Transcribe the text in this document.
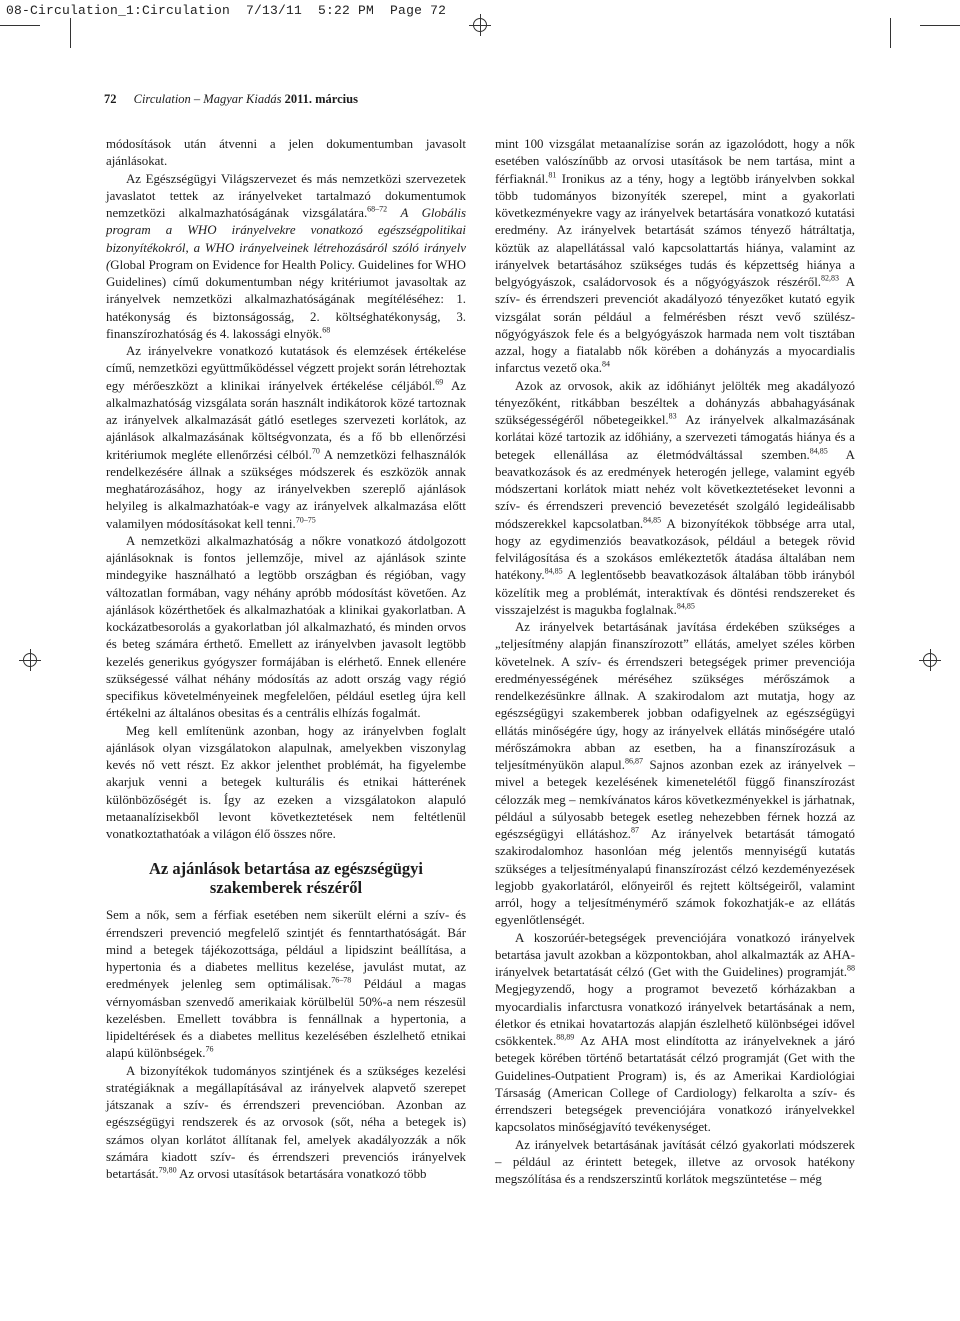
08-Circulation_1:Circulation  7/13/11  5:22 PM  Page 72
72 Circulation – Magyar Kiadás 2011. március

módosítások után átvenni a jelen dokumentumban javasolt ajánlásokat.

Az Egészségügyi Világszervezet és más nemzetközi szervezetek javaslatot tettek az irányelveket tartalmazó dokumentumok nemzetközi alkalmazhatóságának vizsgálatára.$^{68-72}$ A Globális program a WHO irányelvekre vonatkozó egészségpolitikai bizonyítékokról, a WHO irányelveinek létrehozásáról szóló irányelv (Global Program on Evidence for Health Policy. Guidelines for WHO Guidelines) című dokumentumban négy kritériumot javasoltak az irányelvek nemzetközi alkalmazhatóságának megítéléséhez: 1. hatékonyság és biztonságosság, 2. költséghatékonyság, 3. finanszírozhatóság és 4. lakossági elnyök.$^{68}$

Az irányelvekre vonatkozó kutatások és elemzések értékelése című, nemzetközi együttműködéssel végzett projekt során létrehoztak egy mérőeszközt a klinikai irányelvek értékelése céljából.$^{69}$ Az alkalmazhatóság vizsgálata során használt indikátorok közé tartoznak az irányelvek alkalmazását gátló esetleges szervezeti korlátok, az ajánlások alkalmazásának költségvonzata, és a fő bb ellenőrzési kritériumok megléte ellenőrzési célból.$^{70}$ A nemzetközi felhasználók rendelkezésére állnak a szükséges módszerek és eszközök annak meghatározásához, hogy az irányelvekben szereplő ajánlások helyileg is alkalmazhatóak-e vagy az irányelvek alkalmazása előtt valamilyen módosításokat kell tenni.$^{70-75}$

A nemzetközi alkalmazhatóság a nőkre vonatkozó átdolgozott ajánlásoknak is fontos jellemzője, mivel az ajánlások szinte mindegyike használható a legtöbb országban és régióban, vagy változatlan formában, vagy néhány apróbb módosítást követően. Az ajánlások közérthetőek és alkalmazhatóak a klinikai gyakorlatban. A kockázatbesorolás a gyakorlatban jól alkalmazható, és minden orvos és beteg számára érthető. Emellett az irányelvben javasolt legtöbb kezelés generikus gyógyszer formájában is elérhető. Ennek ellenére szükségessé válhat néhány módosítás az adott ország vagy régió specifikus követelményeinek megfelelően, például esetleg újra kell értékelni az általános obesitas és a centrális elhízás fogalmát.

Meg kell említenünk azonban, hogy az irányelvben foglalt ajánlások olyan vizsgálatokon alapulnak, amelyekben viszonylag kevés nő vett részt. Ez akkor jelenthet problémát, ha figyelembe akarjuk venni a betegek kulturális és etnikai hátterének különbözőségét is. Így az ezeken a vizsgálatokon alapuló metaanalízisekből levont következtetések nem feltétlenül vonatkoztathatóak a világon élő összes nőre.

Az ajánlások betartása az egészségügyi szakemberek részéről

Sem a nők, sem a férfiak esetében nem sikerült elérni a szív- és érrendszeri prevenció megfelelő szintjét és fenntarthatóságát. Bár mind a betegek tájékozottsága, például a lipidszint beállítása, a hypertonia és a diabetes mellitus kezelése, javulást mutat, az eredmények jelenleg sem optimálisak.$^{76-78}$ Például a magas vérnyomásban szenvedő amerikaiak körülbelül 50%-a nem részesül kezelésben. Emellett továbbra is fennállnak a hypertonia, a lipideltérések és a diabetes mellitus kezelésében észlelhető etnikai alapú különbségek.$^{76}$

A bizonyítékok tudományos szintjének és a szükséges kezelési stratégiáknak a megállapításával az irányelvek alapvető szerepet játszanak a szív- és érrendszeri prevencióban. Azonban az egészségügyi rendszerek és az orvosok (sőt, néha a betegek is) számos olyan korlátot állítanak fel, amelyek akadályozzák a nők számára kiadott szív- és érrendszeri prevenciós irányelvek betartását.$^{79,80}$ Az orvosi utasítások betartására vonatkozó több

mint 100 vizsgálat metaanalízise során az igazolódott, hogy a nők esetében valószínűbb az orvosi utasítások be nem tartása, mint a férfiaknál.$^{81}$ Ironikus az a tény, hogy a legtöbb irányelvben sokkal több tudományos bizonyíték szerepel, mint a gyakorlati következményekre vagy az irányelvek betartására vonatkozó kutatási eredmény. Az irányelvek betartását számos tényező hátráltatja, köztük az alapellátással való kapcsolattartás hiánya, valamint az irányelvek betartásához szükséges tudás és képzettség hiánya a belgyógyászok, családorvosok és a nőgyógyászok részéről.$^{82,83}$ A szív- és érrendszeri prevenciót akadályozó tényezőket kutató egyik vizsgálat során például a felmérésben részt vevő szülész-nőgyógyászok fele és a belgyógyászok harmada nem volt tisztában azzal, hogy a fiatalabb nők körében a dohányzás a myocardialis infarctus vezető oka.$^{84}$

Azok az orvosok, akik az időhiányt jelölték meg akadályozó tényezőként, ritkábban beszéltek a dohányzás abbahagyásának szükségességéről nőbetegeikkel.$^{83}$ Az irányelvek alkalmazásának korlátai közé tartozik az időhiány, a szervezeti támogatás hiánya és a betegek ellenállása az életmódváltással szemben.$^{84,85}$ A beavatkozások és az eredmények heterogén jellege, valamint egyéb módszertani korlátok miatt nehéz volt következtetéseket levonni a szív- és érrendszeri prevenció bevezetését szolgáló legideálisabb módszerekkel kapcsolatban.$^{84,85}$ A bizonyítékok többsége arra utal, hogy az egydimenziós beavatkozások, például a betegek rövid felvilágosítása és a szokásos emlékeztetők átadása általában nem hatékony.$^{84,85}$ A leglentősebb beavatkozások általában több irányból közelítik meg a problémát, interaktívak és döntési rendszereket és visszajelzést is magukba foglalnak.$^{84,85}$

Az irányelvek betartásának javítása érdekében szükséges a „teljesítmény alapján finanszírozott” ellátás, amelyet széles körben követelnek. A szív- és érrendszeri betegségek primer prevenciója eredményességének méréséhez szükséges mérőszámok a rendelkezésünkre állnak. A szakirodalom azt mutatja, hogy az egészségügyi szakemberek jobban odafigyelnek az egészségügyi ellátás minőségére úgy, hogy az irányelvek ellátás minőségére utaló mérőszámokra abban az esetben, ha a finanszírozásuk a teljesítményükön alapul.$^{86,87}$ Sajnos azonban ezek az irányelvek – mivel a betegek kezelésének kimenetelétől függő finanszírozást célozzák meg – nemkívánatos káros következményekkel is járhatnak, például a súlyosabb betegek esetleg nehezebben férnek hozzá az egészségügyi ellátáshoz.$^{87}$ Az irányelvek betartását támogató szakirodalomhoz hasonlóan még jelentős mennyiségű kutatás szükséges a teljesítményalapú finanszírozást célzó kezdeményezések legjobb gyakorlatáról, előnyeiről és rejtett költségeiről, valamint arról, hogy a teljesítménymérő számok fokozhatják-e az ellátás egyenlőtlenségét.

A koszorúér-betegségek prevenciójára vonatkozó irányelvek betartása javult azokban a központokban, ahol alkalmazták az AHA-irányelvek betartatását célzó (Get with the Guidelines) programját.$^{88}$ Megjegyzendő, hogy a programot bevezető kórházakban a myocardialis infarctusra vonatkozó irányelvek betartásának a nem, életkor és etnikai hovatartozás alapján észlelhető különbségei idővel csökkentek.$^{88,89}$ Az AHA most elindította az irányelveknek a járó betegek körében történő betartatását célzó programját (Get with the Guidelines-Outpatient Program) is, és az Amerikai Kardiológiai Társaság (American College of Cardiology) felkarolta a szív- és érrendszeri betegségek prevenciójára vonatkozó irányelvekkel kapcsolatos minőségjavító tevékenységet.

Az irányelvek betartásának javítását célzó gyakorlati módszerek – például az érintett betegek, illetve az orvosok hatékony megszólítása és a rendszerszintű korlátok megszüntetése – még
